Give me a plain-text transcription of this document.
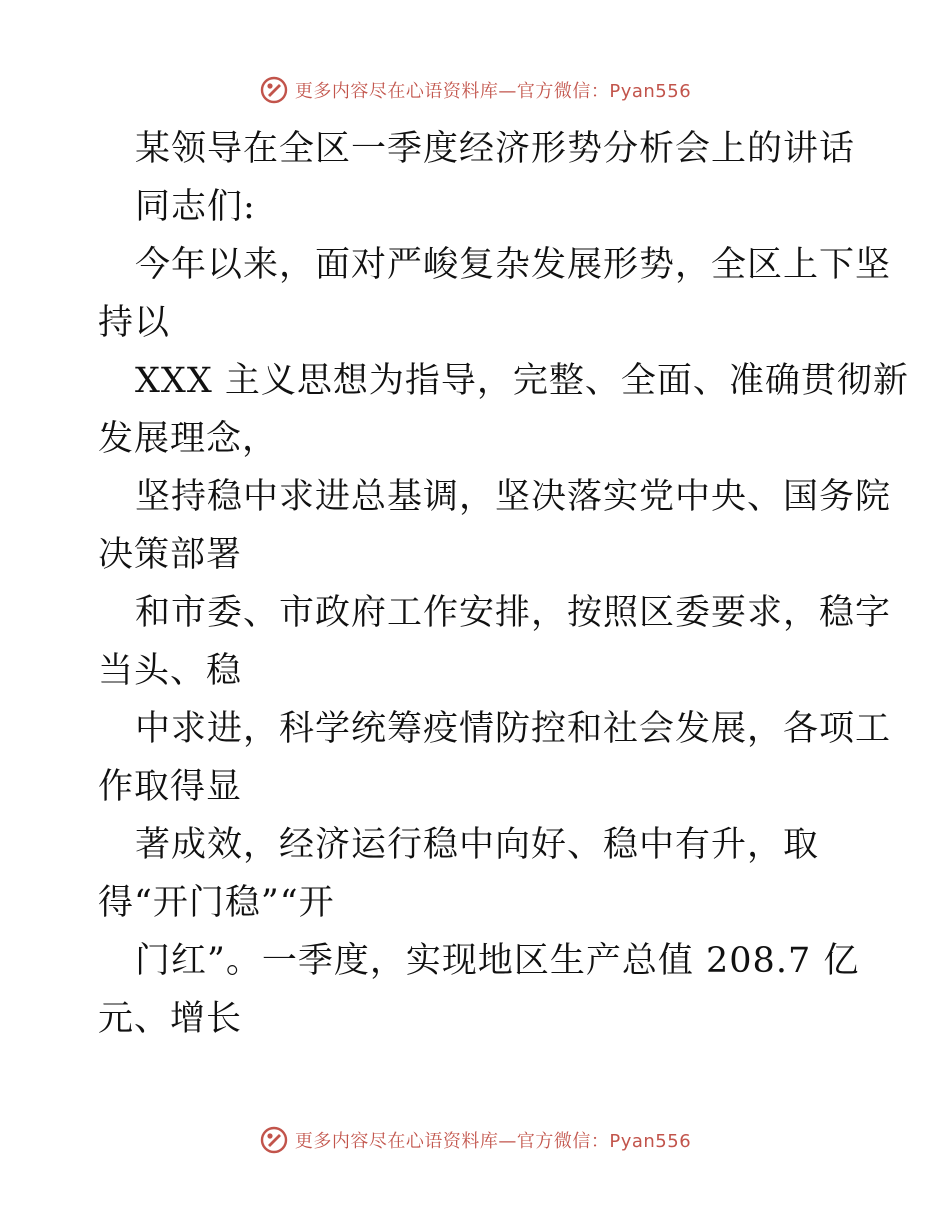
更多内容尽在心语资料库—官方微信：Pyan556
某领导在全区一季度经济形势分析会上的讲话
同志们:
今年以来，面对严峻复杂发展形势，全区上下坚
持以
XXX 主义思想为指导，完整、全面、准确贯彻新
发展理念，
坚持稳中求进总基调，坚决落实党中央、国务院
决策部署
和市委、市政府工作安排，按照区委要求，稳字
当头、稳
中求进，科学统筹疫情防控和社会发展，各项工
作取得显
著成效，经济运行稳中向好、稳中有升，取
得“开门稳”“开
门红”。一季度，实现地区生产总值 208.7 亿
元、增长
更多内容尽在心语资料库—官方微信：Pyan556
